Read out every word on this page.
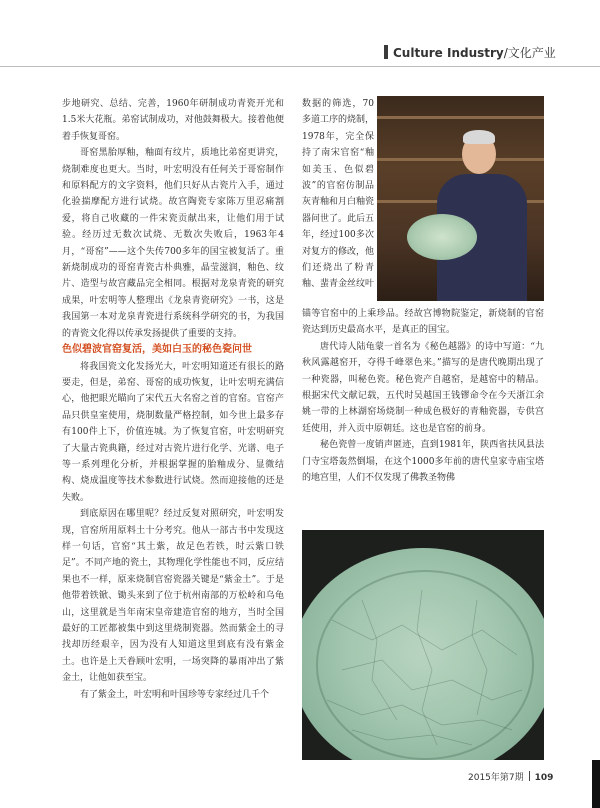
Culture Industry/文化产业

步地研究、总结、完善，1960年研制成功青瓷开光和1.5米大花瓶。弟窑试制成功，对他鼓舞极大。接着他便着手恢复哥窑。

哥窑黑胎厚釉，釉面有纹片，质地比弟窑更讲究，烧制难度也更大。当时，叶宏明没有任何关于哥窑制作和原料配方的文字资料，他们只好从古瓷片入手，通过化验揣摩配方进行试烧。故宫陶瓷专家陈万里忍痛割爱，将自己收藏的一件宋瓷贡献出来，让他们用于试验。经历过无数次试烧、无数次失败后，1963年4月，“哥窑”——这个失传700多年的国宝被复活了。重新烧制成功的哥窑青瓷古朴典雅，晶莹滋润，釉色、纹片、造型与故宫藏品完全相同。根据对龙泉青瓷的研究成果，叶宏明等人整理出《龙泉青瓷研究》一书，这是我国第一本对龙泉青瓷进行系统科学研究的书，为我国的青瓷文化得以传承发扬提供了重要的支持。

色似碧波官窑复活，美如白玉的秘色瓷问世

将我国瓷文化发扬光大，叶宏明知道还有很长的路要走，但是，弟窑、哥窑的成功恢复，让叶宏明充满信心，他把眼光瞄向了宋代五大名窑之首的官窑。官窑产品只供皇室使用，烧制数量严格控制，如今世上最多存有100件上下，价值连城。为了恢复官窑，叶宏明研究了大量古瓷典籍，经过对古瓷片进行化学、光谱、电子等一系列理化分析，并根据掌握的胎釉成分、显微结构、烧成温度等技术参数进行试烧。然而迎接他的还是失败。

到底原因在哪里呢？经过反复对照研究，叶宏明发现，官窑所用原料土十分考究。他从一部古书中发现这样一句话，官窑“其土紫，故足色若铁，时云紫口铁足”。不同产地的瓷土，其物理化学性能也不同，反应结果也不一样，原来烧制官窑瓷器关键是“紫金土”。于是他带着铁锨、锄头来到了位于杭州南部的万松岭和乌龟山，这里就是当年南宋皇帝建造官窑的地方，当时全国最好的工匠都被集中到这里烧制瓷器。然而紫金土的寻找却历经艰辛，因为没有人知道这里到底有没有紫金土。也许是上天眷顾叶宏明，一场突降的暴雨冲出了紫金土，让他如获至宝。

有了紫金土，叶宏明和叶国珍等专家经过几千个

数据的筛选，70多道工序的烧制，1978年，完全保持了南宋官窑“釉如美玉、色似碧波”的官窑仿制品灰青釉和月白釉瓷器问世了。此后五年，经过100多次对复方的修改，他们还烧出了粉青釉、蜚青金丝纹叶

锚等官窑中的上乘珍品。经故宫博物院鉴定，新烧制的官窑瓷达到历史最高水平，是真正的国宝。

唐代诗人陆龟蒙一首名为《秘色越器》的诗中写道：“九秋风露越窑开，夺得千峰翠色来。”描写的是唐代晚期出现了一种瓷器，叫秘色瓷。秘色瓷产自越窑，是越窑中的精品。根据宋代文献记载，五代时吴越国王钱镠命令在今天浙江余姚一带的上林湖窑场烧制一种成色极好的青釉瓷器，专供宫廷使用，并入贡中原朝廷。这也是官窑的前身。

秘色瓷曾一度销声匿迹，直到1981年，陕西省扶风县法门寺宝塔轰然倒塌，在这个1000多年前的唐代皇家寺庙宝塔的地宫里，人们不仅发现了佛教圣物佛

2015年第7期 109
